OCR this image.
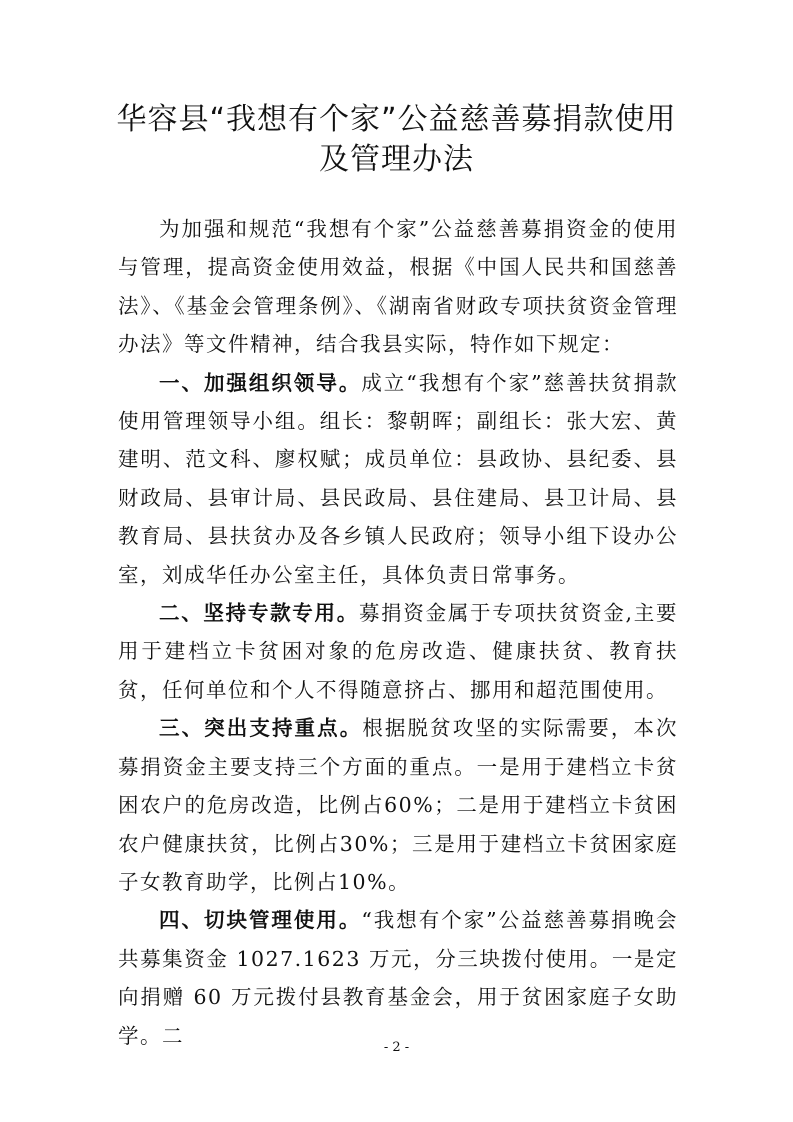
华容县“我想有个家”公益慈善募捐款使用
及管理办法

为加强和规范“我想有个家”公益慈善募捐资金的使用与管理，提高资金使用效益，根据《中国人民共和国慈善法》、《基金会管理条例》、《湖南省财政专项扶贫资金管理办法》等文件精神，结合我县实际，特作如下规定：

一、加强组织领导。成立“我想有个家”慈善扶贫捐款使用管理领导小组。组长：黎朝晖；副组长：张大宏、黄建明、范文科、廖权赋；成员单位：县政协、县纪委、县财政局、县审计局、县民政局、县住建局、县卫计局、县教育局、县扶贫办及各乡镇人民政府；领导小组下设办公室，刘成华任办公室主任，具体负责日常事务。

二、坚持专款专用。募捐资金属于专项扶贫资金,主要用于建档立卡贫困对象的危房改造、健康扶贫、教育扶贫，任何单位和个人不得随意挤占、挪用和超范围使用。

三、突出支持重点。根据脱贫攻坚的实际需要，本次募捐资金主要支持三个方面的重点。一是用于建档立卡贫困农户的危房改造，比例占60%；二是用于建档立卡贫困农户健康扶贫，比例占30%；三是用于建档立卡贫困家庭子女教育助学，比例占10%。

四、切块管理使用。“我想有个家”公益慈善募捐晚会共募集资金 1027.1623 万元，分三块拨付使用。一是定向捐赠 60 万元拨付县教育基金会，用于贫困家庭子女助学。二	- 2 -
